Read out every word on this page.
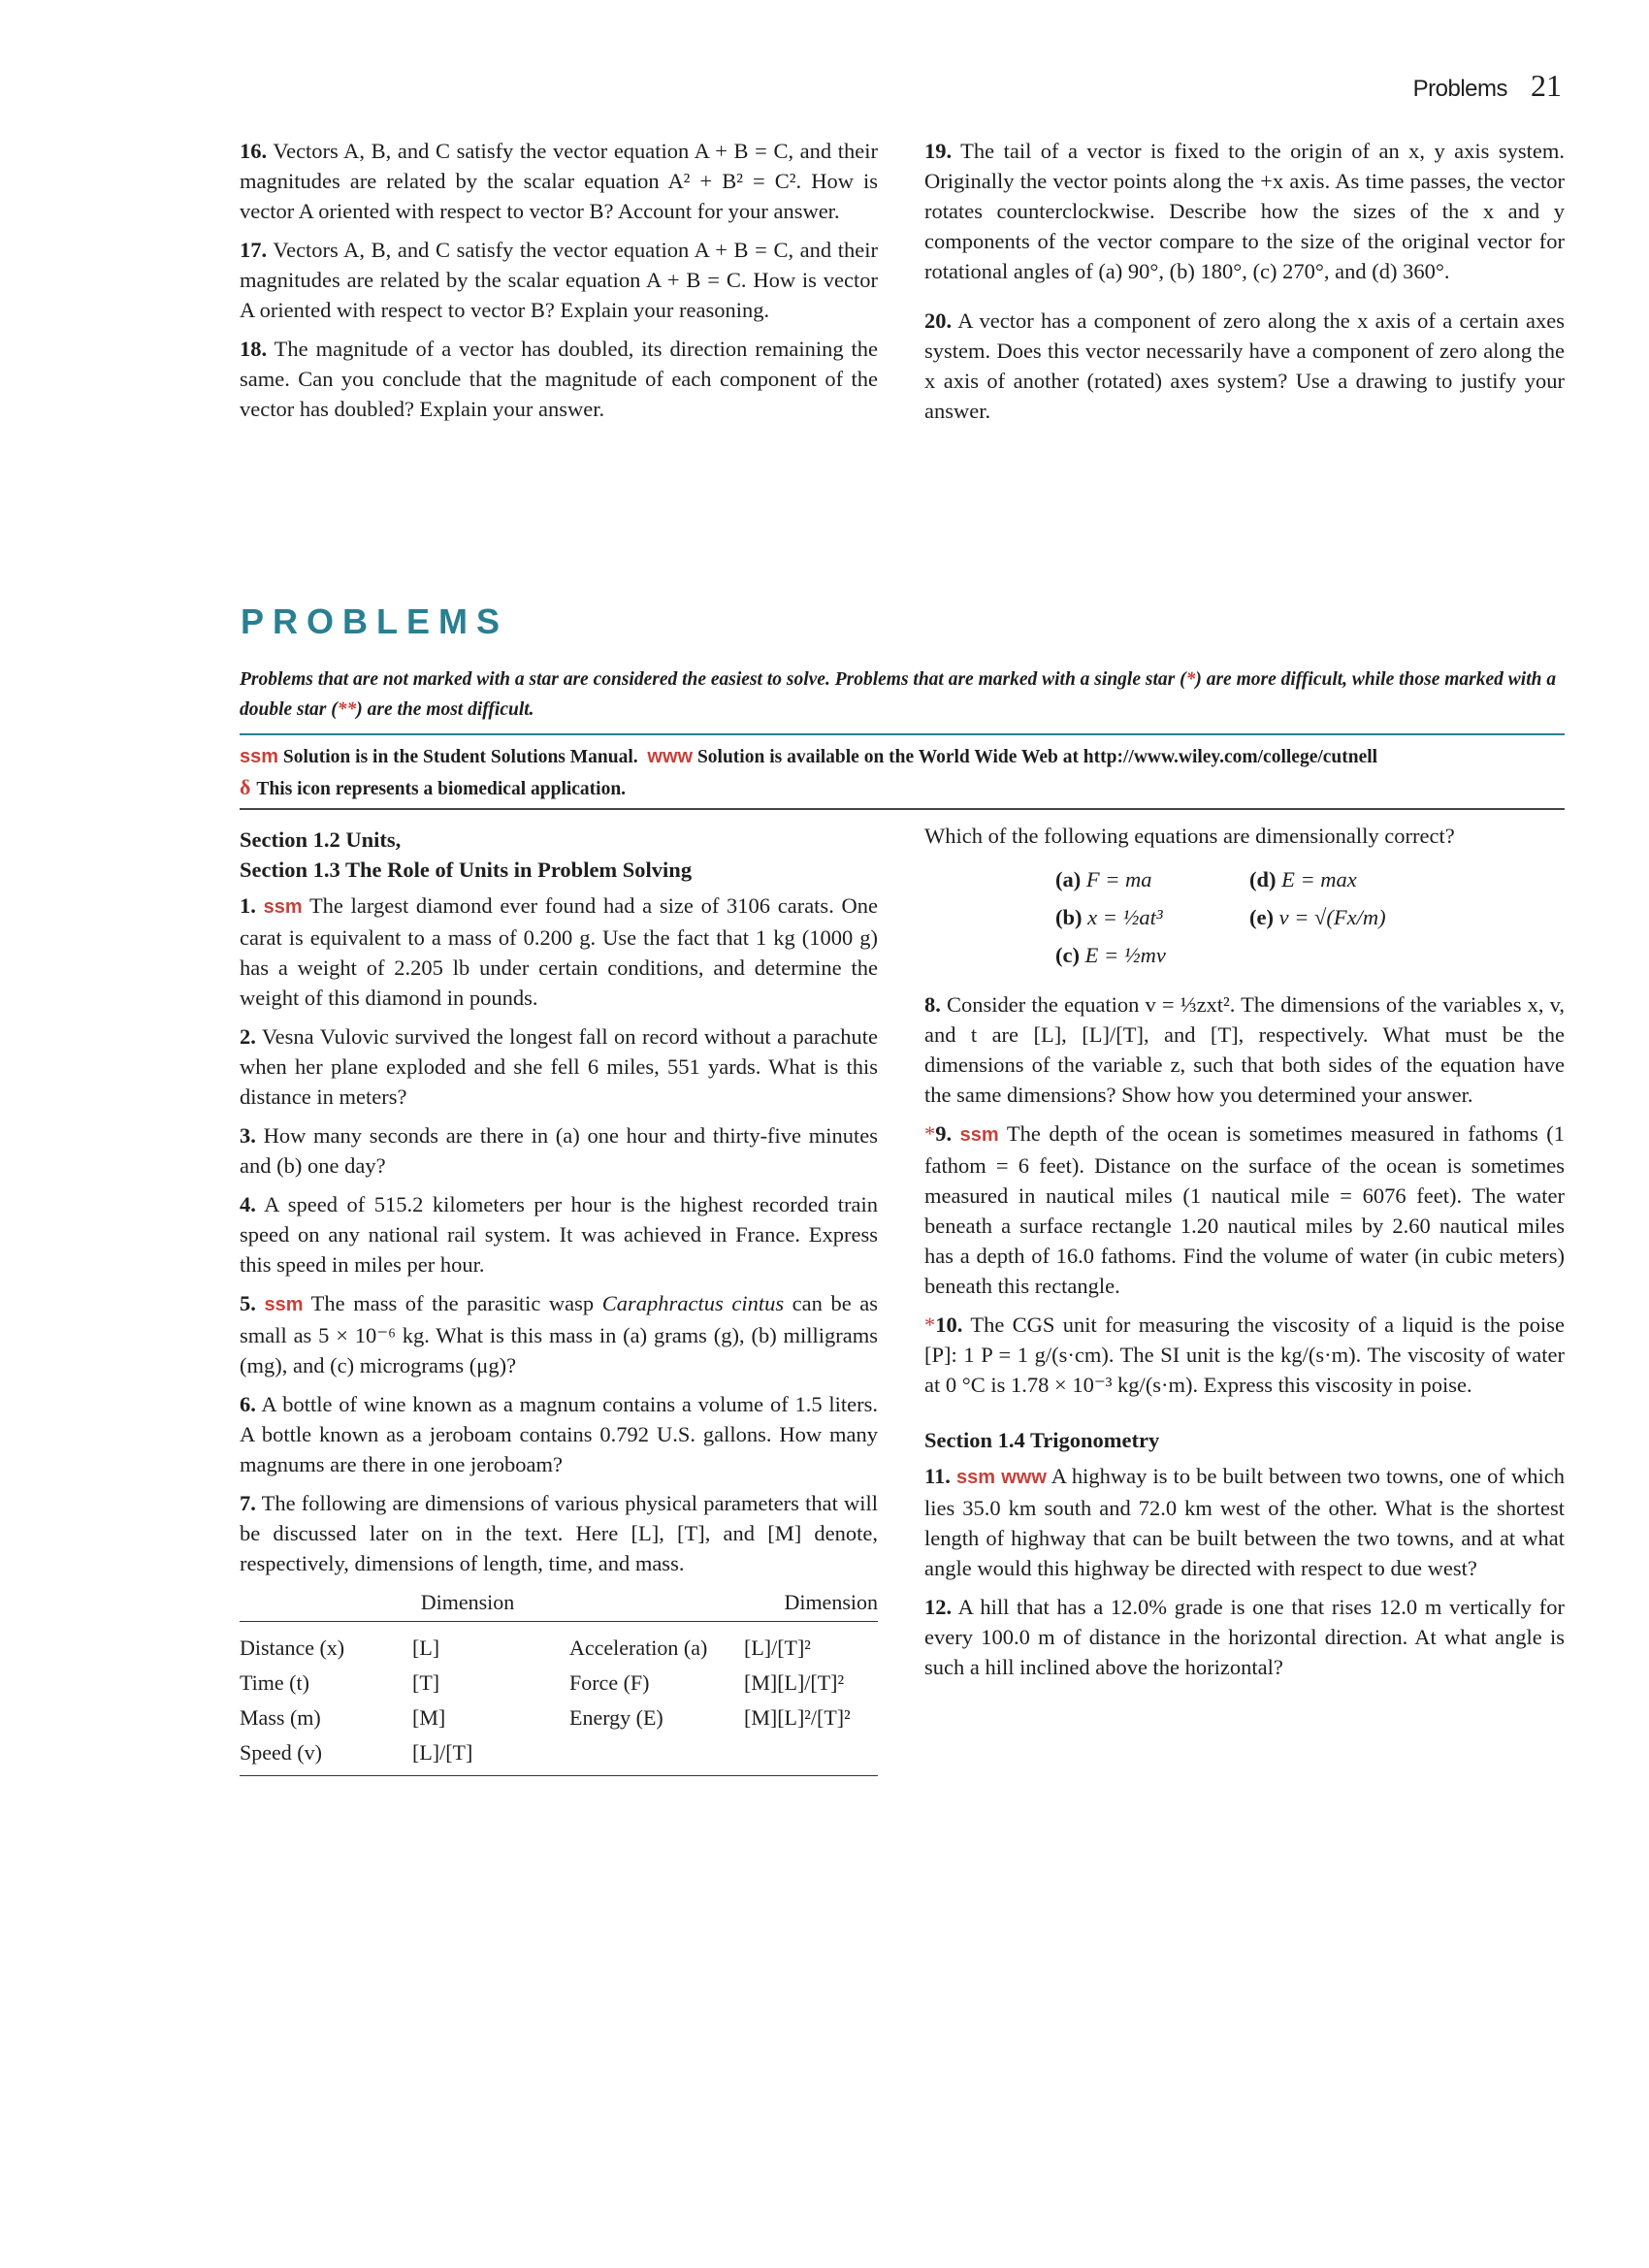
Problems 21

16. Vectors A, B, and C satisfy the vector equation A + B = C, and their magnitudes are related by the scalar equation A² + B² = C². How is vector A oriented with respect to vector B? Account for your answer.

17. Vectors A, B, and C satisfy the vector equation A + B = C, and their magnitudes are related by the scalar equation A + B = C. How is vector A oriented with respect to vector B? Explain your reasoning.

18. The magnitude of a vector has doubled, its direction remaining the same. Can you conclude that the magnitude of each component of the vector has doubled? Explain your answer.

19. The tail of a vector is fixed to the origin of an x, y axis system. Originally the vector points along the +x axis. As time passes, the vector rotates counterclockwise. Describe how the sizes of the x and y components of the vector compare to the size of the original vector for rotational angles of (a) 90°, (b) 180°, (c) 270°, and (d) 360°.

20. A vector has a component of zero along the x axis of a certain axes system. Does this vector necessarily have a component of zero along the x axis of another (rotated) axes system? Use a drawing to justify your answer.

PROBLEMS
Problems that are not marked with a star are considered the easiest to solve. Problems that are marked with a single star (*) are more difficult, while those marked with a double star (**) are the most difficult.
ssm Solution is in the Student Solutions Manual. www Solution is available on the World Wide Web at http://www.wiley.com/college/cutnell
δ This icon represents a biomedical application.
Section 1.2 Units,
Section 1.3 The Role of Units in Problem Solving

1. ssm The largest diamond ever found had a size of 3106 carats. One carat is equivalent to a mass of 0.200 g. Use the fact that 1 kg (1000 g) has a weight of 2.205 lb under certain conditions, and determine the weight of this diamond in pounds.

2. Vesna Vulovic survived the longest fall on record without a parachute when her plane exploded and she fell 6 miles, 551 yards. What is this distance in meters?

3. How many seconds are there in (a) one hour and thirty-five minutes and (b) one day?

4. A speed of 515.2 kilometers per hour is the highest recorded train speed on any national rail system. It was achieved in France. Express this speed in miles per hour.

5. ssm The mass of the parasitic wasp Caraphractus cintus can be as small as 5 × 10⁻⁶ kg. What is this mass in (a) grams (g), (b) milligrams (mg), and (c) micrograms (μg)?

6. A bottle of wine known as a magnum contains a volume of 1.5 liters. A bottle known as a jeroboam contains 0.792 U.S. gallons. How many magnums are there in one jeroboam?

7. The following are dimensions of various physical parameters that will be discussed later on in the text. Here [L], [T], and [M] denote, respectively, dimensions of length, time, and mass.

	Dimension		Dimension
Distance (x)	[L]	Acceleration (a)	[L]/[T]²
Time (t)	[T]	Force (F)	[M][L]/[T]²
Mass (m)	[M]	Energy (E)	[M][L]²/[T]²
Speed (v)	[L]/[T]		

Which of the following equations are dimensionally correct?

(a) F = ma	(d) E = max
(b) x = ½at³	(e) v = √(Fx/m)
(c) E = ½mv

8. Consider the equation v = ⅓zxt². The dimensions of the variables x, v, and t are [L], [L]/[T], and [T], respectively. What must be the dimensions of the variable z, such that both sides of the equation have the same dimensions? Show how you determined your answer.

*9. ssm The depth of the ocean is sometimes measured in fathoms (1 fathom = 6 feet). Distance on the surface of the ocean is sometimes measured in nautical miles (1 nautical mile = 6076 feet). The water beneath a surface rectangle 1.20 nautical miles by 2.60 nautical miles has a depth of 16.0 fathoms. Find the volume of water (in cubic meters) beneath this rectangle.

*10. The CGS unit for measuring the viscosity of a liquid is the poise [P]: 1 P = 1 g/(s·cm). The SI unit is the kg/(s·m). The viscosity of water at 0 °C is 1.78 × 10⁻³ kg/(s·m). Express this viscosity in poise.

Section 1.4 Trigonometry

11. ssm www A highway is to be built between two towns, one of which lies 35.0 km south and 72.0 km west of the other. What is the shortest length of highway that can be built between the two towns, and at what angle would this highway be directed with respect to due west?

12. A hill that has a 12.0% grade is one that rises 12.0 m vertically for every 100.0 m of distance in the horizontal direction. At what angle is such a hill inclined above the horizontal?
